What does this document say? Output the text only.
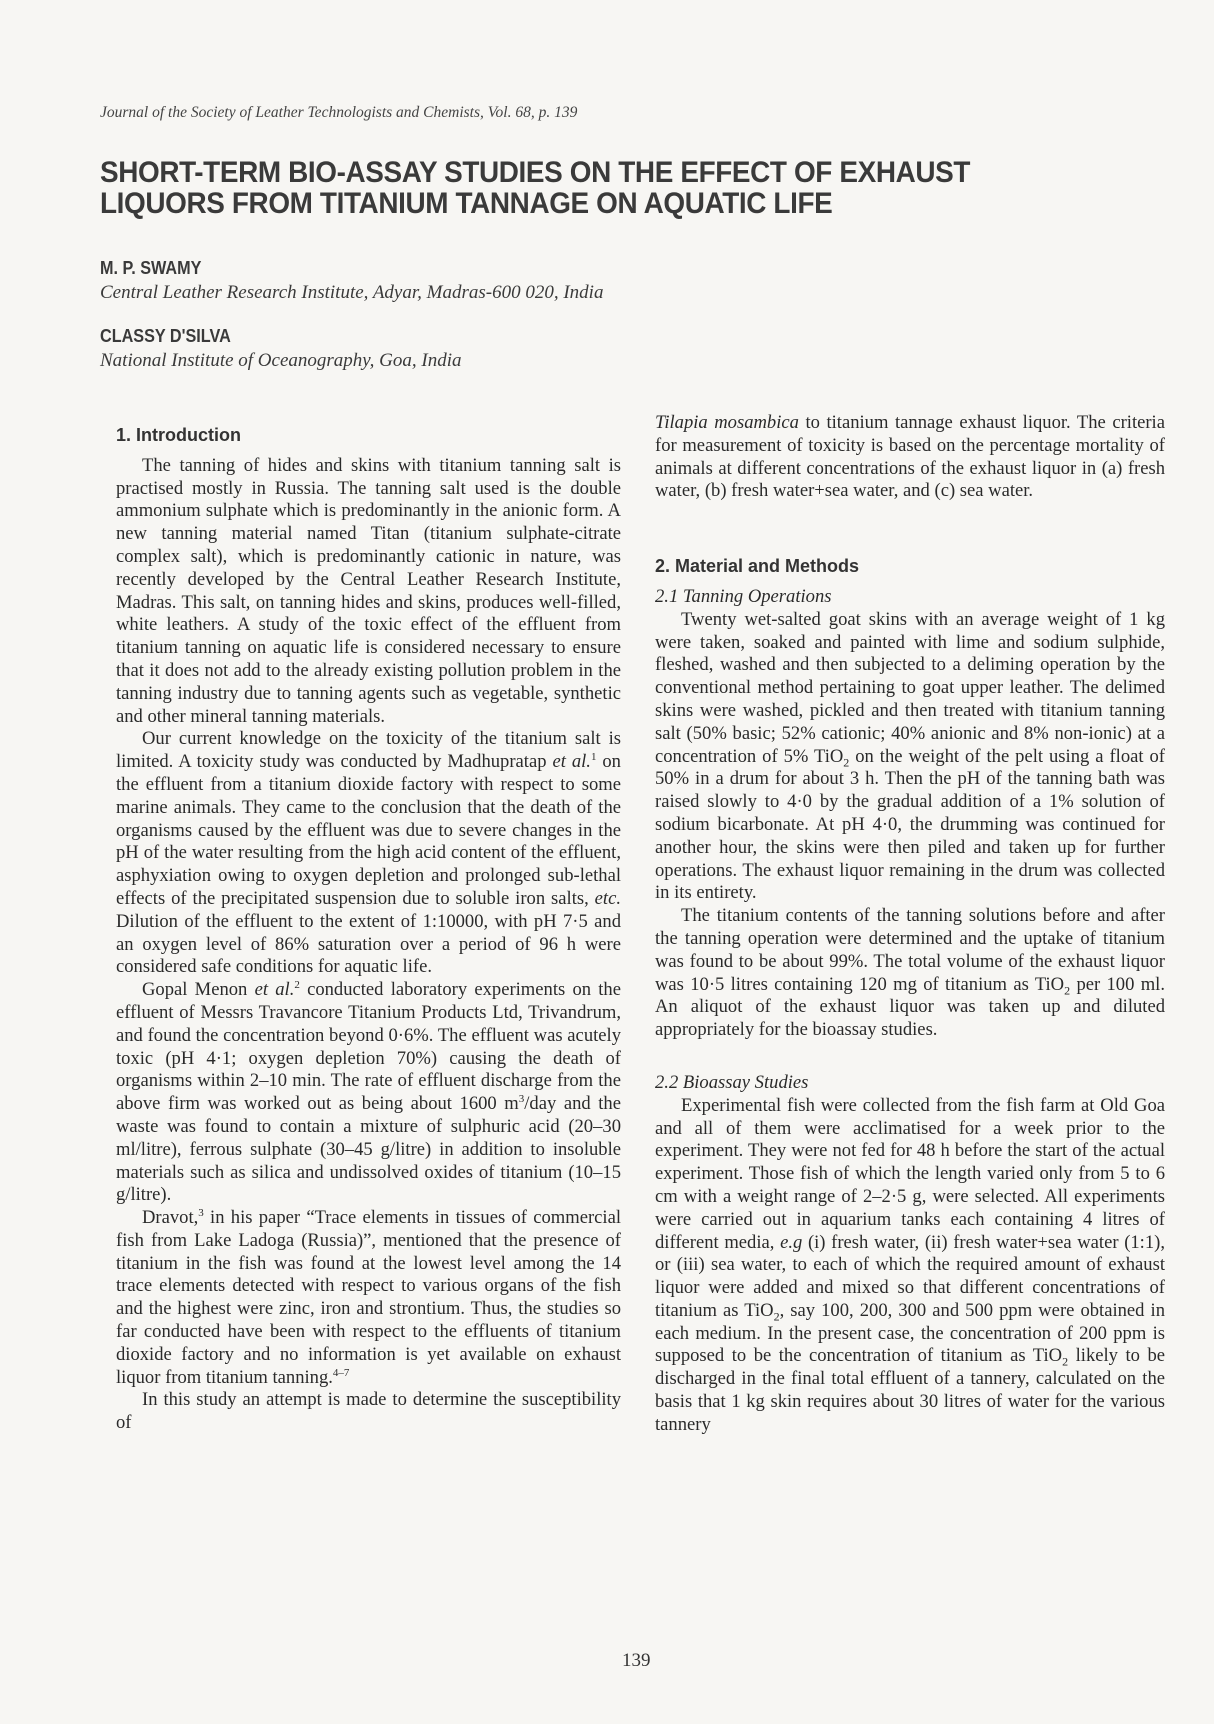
Journal of the Society of Leather Technologists and Chemists, Vol. 68, p. 139
SHORT-TERM BIO-ASSAY STUDIES ON THE EFFECT OF EXHAUST LIQUORS FROM TITANIUM TANNAGE ON AQUATIC LIFE
M. P. SWAMY
Central Leather Research Institute, Adyar, Madras-600 020, India
CLASSY D'SILVA
National Institute of Oceanography, Goa, India
1. Introduction

The tanning of hides and skins with titanium tanning salt is practised mostly in Russia. The tanning salt used is the double ammonium sulphate which is predominantly in the anionic form. A new tanning material named Titan (titanium sulphate-citrate complex salt), which is predominantly cationic in nature, was recently developed by the Central Leather Research Institute, Madras. This salt, on tanning hides and skins, produces well-filled, white leathers. A study of the toxic effect of the effluent from titanium tanning on aquatic life is considered necessary to ensure that it does not add to the already existing pollution problem in the tanning industry due to tanning agents such as vegetable, synthetic and other mineral tanning materials.

Our current knowledge on the toxicity of the titanium salt is limited. A toxicity study was conducted by Madhupratap et al.$^1$ on the effluent from a titanium dioxide factory with respect to some marine animals. They came to the conclusion that the death of the organisms caused by the effluent was due to severe changes in the pH of the water resulting from the high acid content of the effluent, asphyxiation owing to oxygen depletion and prolonged sub-lethal effects of the precipitated suspension due to soluble iron salts, etc. Dilution of the effluent to the extent of 1:10000, with pH 7·5 and an oxygen level of 86% saturation over a period of 96 h were considered safe conditions for aquatic life.

Gopal Menon et al.$^2$ conducted laboratory experiments on the effluent of Messrs Travancore Titanium Products Ltd, Trivandrum, and found the concentration beyond 0·6%. The effluent was acutely toxic (pH 4·1; oxygen depletion 70%) causing the death of organisms within 2–10 min. The rate of effluent discharge from the above firm was worked out as being about 1600 $m^3$/day and the waste was found to contain a mixture of sulphuric acid (20–30 ml/litre), ferrous sulphate (30–45 g/litre) in addition to insoluble materials such as silica and undissolved oxides of titanium (10–15 g/litre).

Dravot,$^3$ in his paper “Trace elements in tissues of commercial fish from Lake Ladoga (Russia)”, mentioned that the presence of titanium in the fish was found at the lowest level among the 14 trace elements detected with respect to various organs of the fish and the highest were zinc, iron and strontium. Thus, the studies so far conducted have been with respect to the effluents of titanium dioxide factory and no information is yet available on exhaust liquor from titanium tanning.$^{4-7}$

In this study an attempt is made to determine the susceptibility of

Tilapia mosambica to titanium tannage exhaust liquor. The criteria for measurement of toxicity is based on the percentage mortality of animals at different concentrations of the exhaust liquor in (a) fresh water, (b) fresh water+sea water, and (c) sea water.

2. Material and Methods
2.1 Tanning Operations

Twenty wet-salted goat skins with an average weight of 1 kg were taken, soaked and painted with lime and sodium sulphide, fleshed, washed and then subjected to a deliming operation by the conventional method pertaining to goat upper leather. The delimed skins were washed, pickled and then treated with titanium tanning salt (50% basic; 52% cationic; 40% anionic and 8% non-ionic) at a concentration of 5% TiO$_2$ on the weight of the pelt using a float of 50% in a drum for about 3 h. Then the pH of the tanning bath was raised slowly to 4·0 by the gradual addition of a 1% solution of sodium bicarbonate. At pH 4·0, the drumming was continued for another hour, the skins were then piled and taken up for further operations. The exhaust liquor remaining in the drum was collected in its entirety.

The titanium contents of the tanning solutions before and after the tanning operation were determined and the uptake of titanium was found to be about 99%. The total volume of the exhaust liquor was 10·5 litres containing 120 mg of titanium as TiO$_2$ per 100 ml. An aliquot of the exhaust liquor was taken up and diluted appropriately for the bioassay studies.

2.2 Bioassay Studies

Experimental fish were collected from the fish farm at Old Goa and all of them were acclimatised for a week prior to the experiment. They were not fed for 48 h before the start of the actual experiment. Those fish of which the length varied only from 5 to 6 cm with a weight range of 2–2·5 g, were selected. All experiments were carried out in aquarium tanks each containing 4 litres of different media, e.g (i) fresh water, (ii) fresh water+sea water (1:1), or (iii) sea water, to each of which the required amount of exhaust liquor were added and mixed so that different concentrations of titanium as TiO$_2$, say 100, 200, 300 and 500 ppm were obtained in each medium. In the present case, the concentration of 200 ppm is supposed to be the concentration of titanium as TiO$_2$ likely to be discharged in the final total effluent of a tannery, calculated on the basis that 1 kg skin requires about 30 litres of water for the various tannery

139
